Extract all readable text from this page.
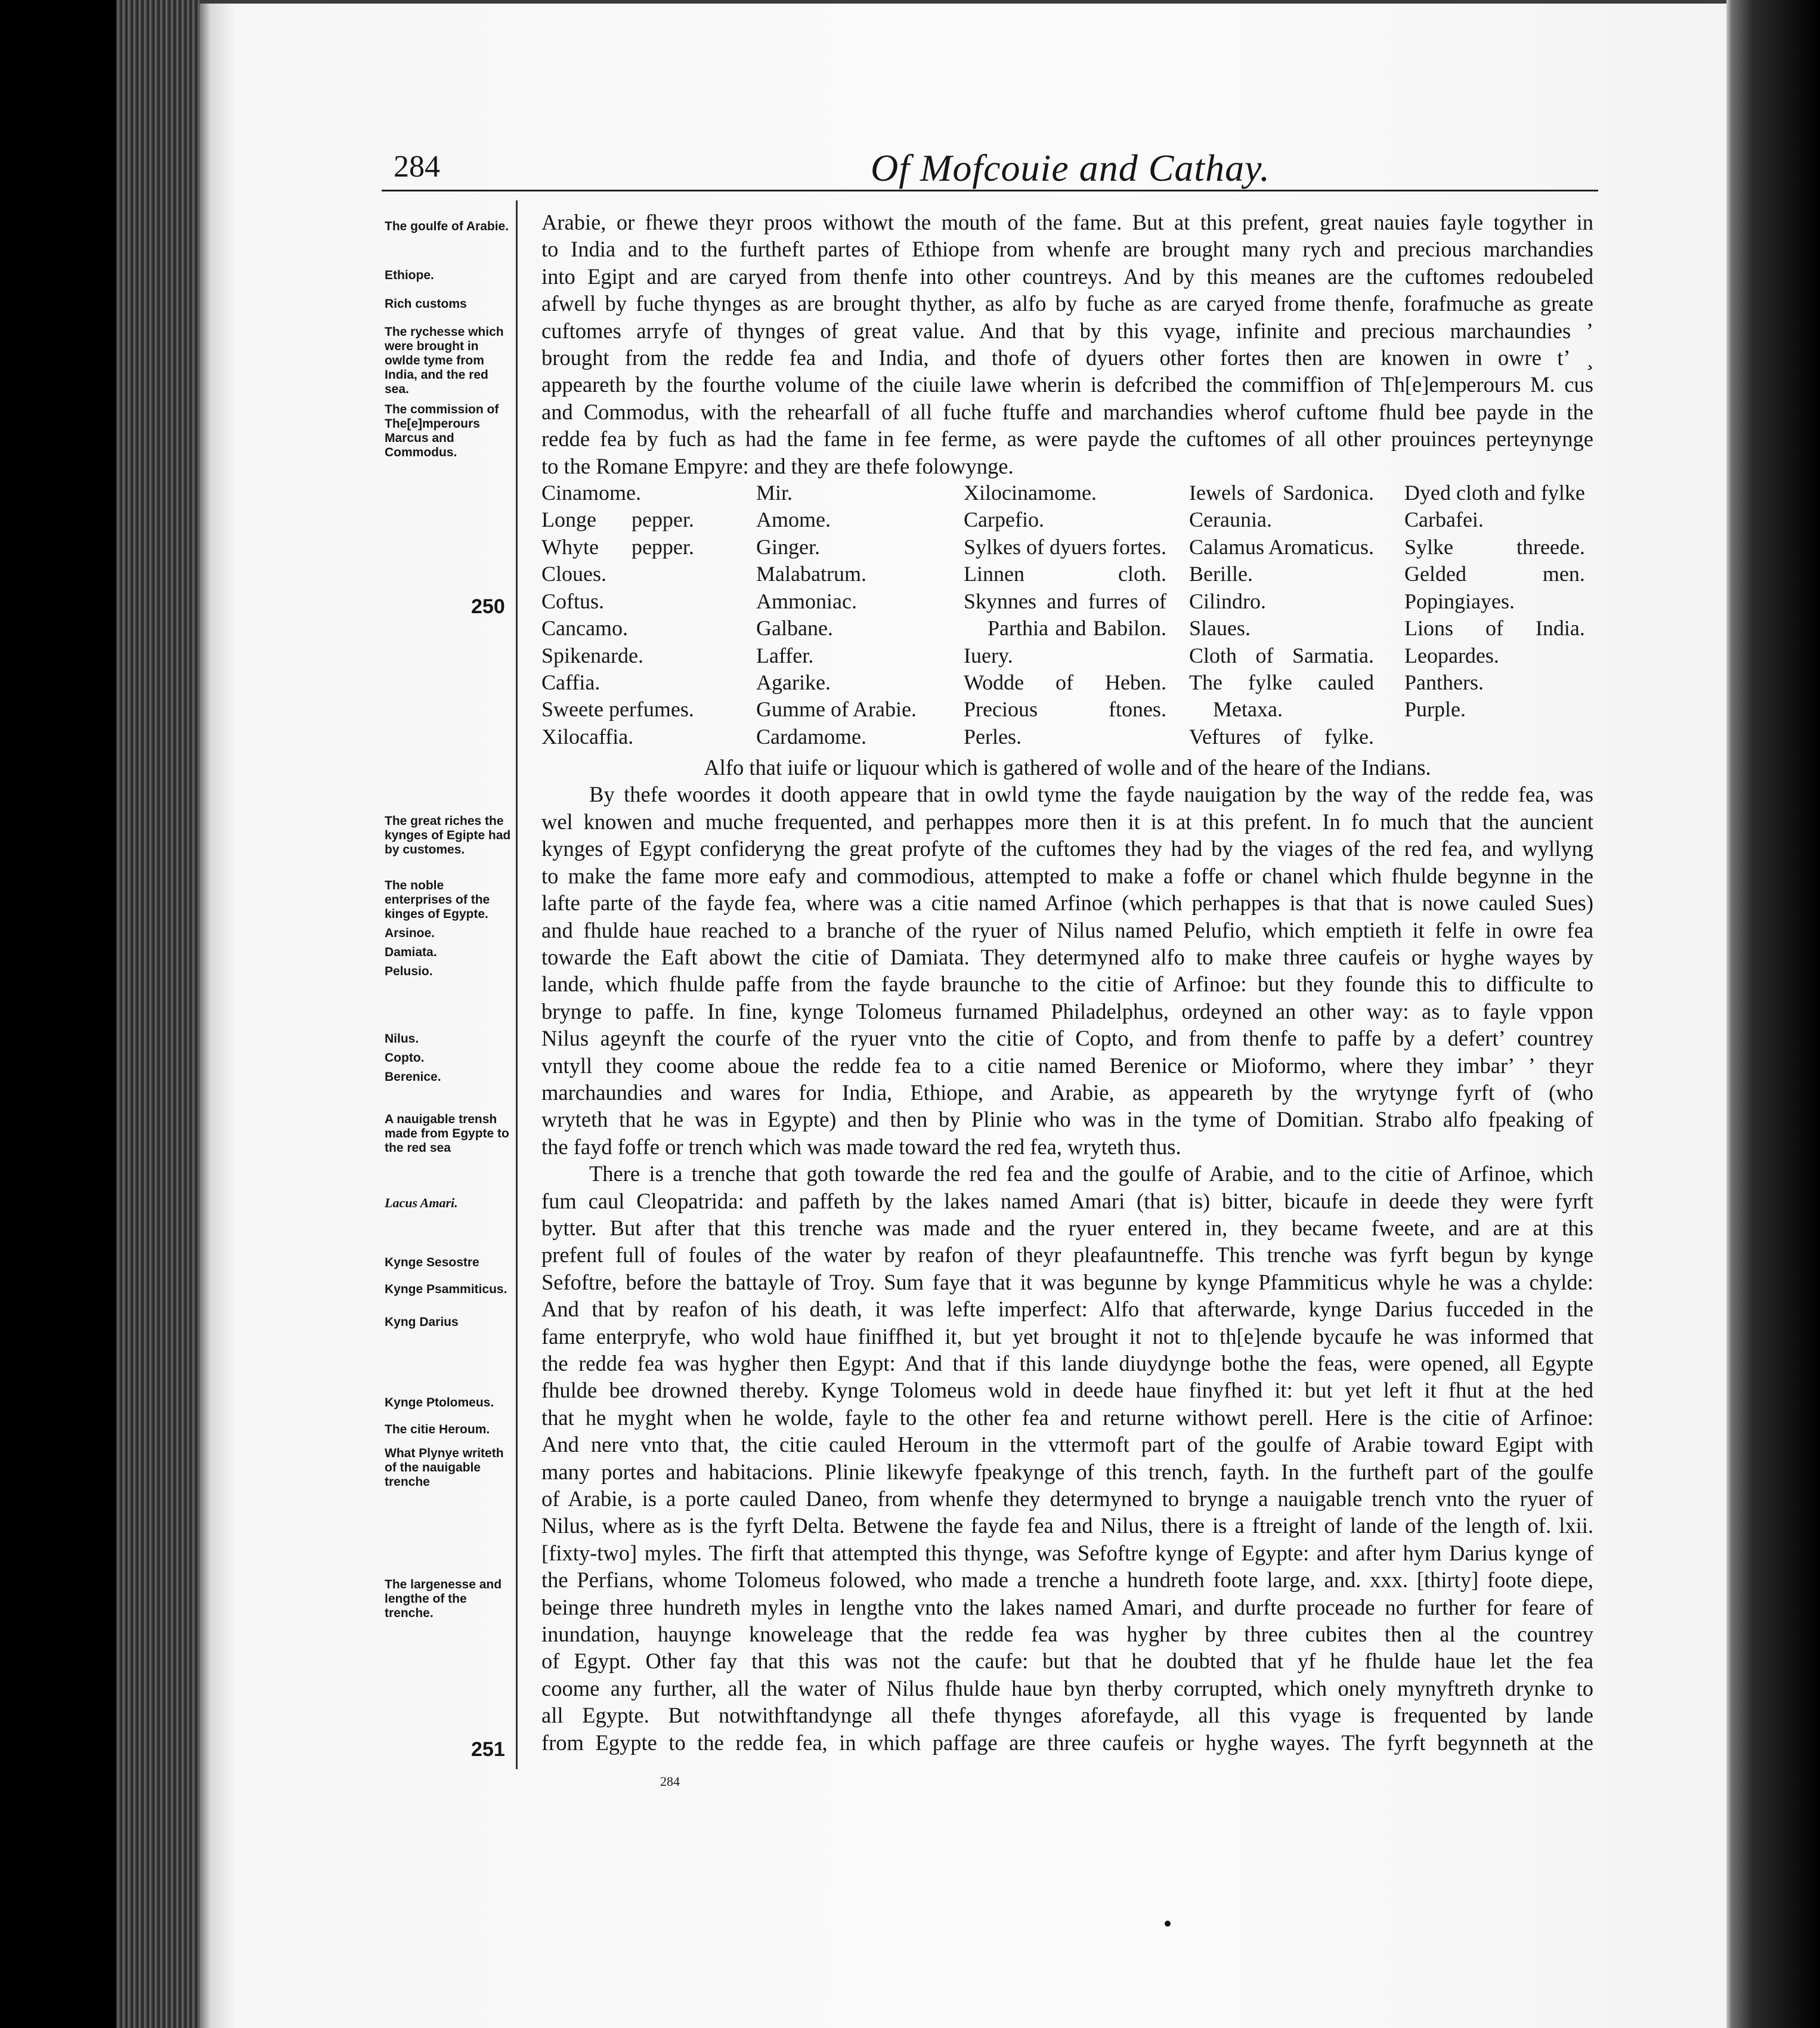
284	Of Mofcouie and Cathay.
The goulfe of Arabie.
Ethiope.
Rich customs
The rychesse which were brought in owlde tyme from India, and the red sea.
The commission of The[e]mperours Marcus and Commodus.
The great riches the kynges of Egipte had by customes.
The noble enterprises of the kinges of Egypte.
Arsinoe.
Damiata.
Pelusio.
Nilus.
Copto.
Berenice.
A nauigable trensh made from Egypte to the red sea
Lacus Amari.
Kynge Sesostre
Kynge Psammiticus.
Kyng Darius
Kynge Ptolomeus.
The citie Heroum.
What Plynye writeth of the nauigable trenche
The largenesse and lengthe of the trenche.
250
251
Arabie, or fhewe theyr proos withowt the mouth of the fame. But at this prefent, great nauies fayle togyther in
to India and to the furtheft partes of Ethiope from whenfe are brought many rych and precious marchandies
into Egipt and are caryed from thenfe into other countreys. And by this meanes are the cuftomes redoubeled
afwell by fuche thynges as are brought thyther, as alfo by fuche as are caryed frome thenfe, forafmuche as greate
cuftomes arryfe of thynges of great value. And that by this vyage, infinite and precious marchaundies ʼ
brought from the redde fea and India, and thofe of dyuers other fortes then are knowen in owre tʼ ¸
appeareth by the fourthe volume of the ciuile lawe wherin is defcribed the commiffion of Th[e]emperours M. cus
and Commodus, with the rehearfall of all fuche ftuffe and marchandies wherof cuftome fhuld bee payde in the
redde fea by fuch as had the fame in fee ferme, as were payde the cuftomes of all other prouinces perteynynge
to the Romane Empyre: and they are thefe folowynge.
Cinamome.
Longe pepper.
Whyte pepper.
Cloues.
Coftus.
Cancamo.
Spikenarde.
Caffia.
Sweete perfumes.
Xilocaffia.
Mir.
Amome.
Ginger.
Malabatrum.
Ammoniac.
Galbane.
Laffer.
Agarike.
Gumme of Arabie.
Cardamome.
Xilocinamome.
Carpefio.
Sylkes of dyuers fortes.
Linnen cloth.
Skynnes and furres of
Parthia and Babilon.
Iuery.
Wodde of Heben.
Precious ftones.
Perles.
Iewels of Sardonica.
Ceraunia.
Calamus Aromaticus.
Berille.
Cilindro.
Slaues.
Cloth of Sarmatia.
The fylke cauled
Metaxa.
Veftures of fylke.
Dyed cloth and fylke
Carbafei.
Sylke threede.
Gelded men.
Popingiayes.
Lions of India.
Leopardes.
Panthers.
Purple.
Alfo that iuife or liquour which is gathered of wolle and of the heare of the Indians.
By thefe woordes it dooth appeare that in owld tyme the fayde nauigation by the way of the redde fea, was
wel knowen and muche frequented, and perhappes more then it is at this prefent. In fo much that the auncient
kynges of Egypt confideryng the great profyte of the cuftomes they had by the viages of the red fea, and wyllyng
to make the fame more eafy and commodious, attempted to make a foffe or chanel which fhulde begynne in the
lafte parte of the fayde fea, where was a citie named Arfinoe (which perhappes is that that is nowe cauled Sues)
and fhulde haue reached to a branche of the ryuer of Nilus named Pelufio, which emptieth it felfe in owre fea
towarde the Eaft abowt the citie of Damiata. They determyned alfo to make three caufeis or hyghe wayes by
lande, which fhulde paffe from the fayde braunche to the citie of Arfinoe: but they founde this to difficulte to
brynge to paffe. In fine, kynge Tolomeus furnamed Philadelphus, ordeyned an other way: as to fayle vppon
Nilus ageynft the courfe of the ryuer vnto the citie of Copto, and from thenfe to paffe by a defertʼ countrey
vntyll they coome aboue the redde fea to a citie named Berenice or Mioformo, where they imbarʼ ʼ theyr
marchaundies and wares for India, Ethiope, and Arabie, as appeareth by the wrytynge fyrft of (who
wryteth that he was in Egypte) and then by Plinie who was in the tyme of Domitian. Strabo alfo fpeaking of
the fayd foffe or trench which was made toward the red fea, wryteth thus.
There is a trenche that goth towarde the red fea and the goulfe of Arabie, and to the citie of Arfinoe, which
fum caul Cleopatrida: and paffeth by the lakes named Amari (that is) bitter, bicaufe in deede they were fyrft
bytter. But after that this trenche was made and the ryuer entered in, they became fweete, and are at this
prefent full of foules of the water by reafon of theyr pleafauntneffe. This trenche was fyrft begun by kynge
Sefoftre, before the battayle of Troy. Sum faye that it was begunne by kynge Pfammiticus whyle he was a chylde:
And that by reafon of his death, it was lefte imperfect: Alfo that afterwarde, kynge Darius fucceded in the
fame enterpryfe, who wold haue finiffhed it, but yet brought it not to th[e]ende bycaufe he was informed that
the redde fea was hygher then Egypt: And that if this lande diuydynge bothe the feas, were opened, all Egypte
fhulde bee drowned thereby. Kynge Tolomeus wold in deede haue finyfhed it: but yet left it fhut at the hed
that he myght when he wolde, fayle to the other fea and returne withowt perell. Here is the citie of Arfinoe:
And nere vnto that, the citie cauled Heroum in the vttermoft part of the goulfe of Arabie toward Egipt with
many portes and habitacions. Plinie likewyfe fpeakynge of this trench, fayth. In the furtheft part of the goulfe
of Arabie, is a porte cauled Daneo, from whenfe they determyned to brynge a nauigable trench vnto the ryuer of
Nilus, where as is the fyrft Delta. Betwene the fayde fea and Nilus, there is a ftreight of lande of the length of. lxii.
[fixty-two] myles. The firft that attempted this thynge, was Sefoftre kynge of Egypte: and after hym Darius kynge of
the Perfians, whome Tolomeus folowed, who made a trenche a hundreth foote large, and. xxx. [thirty] foote diepe,
beinge three hundreth myles in lengthe vnto the lakes named Amari, and durfte proceade no further for feare of
inundation, hauynge knoweleage that the redde fea was hygher by three cubites then al the countrey
of Egypt. Other fay that this was not the caufe: but that he doubted that yf he fhulde haue let the fea
coome any further, all the water of Nilus fhulde haue byn therby corrupted, which onely mynyftreth drynke to
all Egypte. But notwithftandynge all thefe thynges aforefayde, all this vyage is frequented by lande
from Egypte to the redde fea, in which paffage are three caufeis or hyghe wayes. The fyrft begynneth at the
284
